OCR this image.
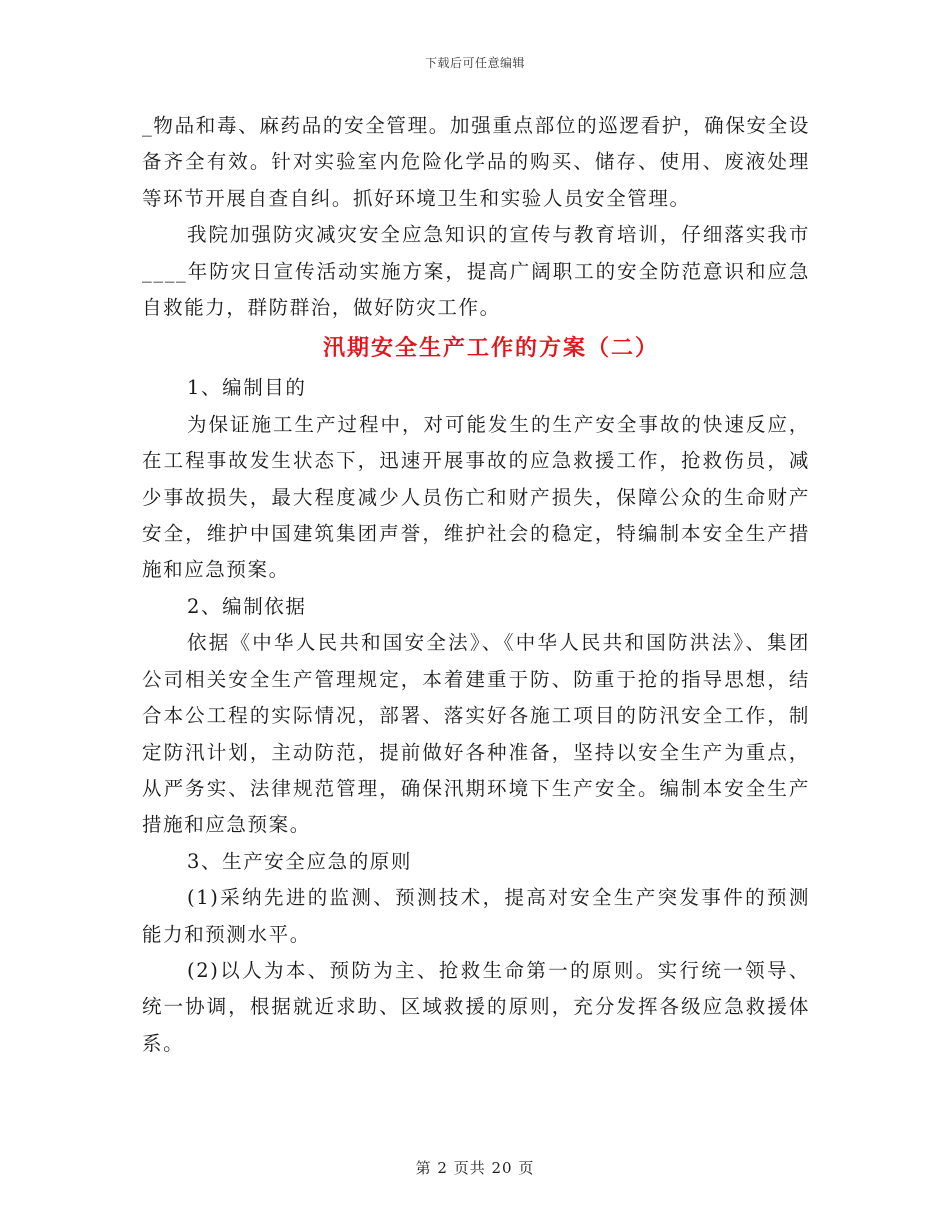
下载后可任意编辑

_物品和毒、麻药品的安全管理。加强重点部位的巡逻看护，确保安全设备齐全有效。针对实验室内危险化学品的购买、储存、使用、废液处理等环节开展自查自纠。抓好环境卫生和实验人员安全管理。

我院加强防灾减灾安全应急知识的宣传与教育培训，仔细落实我市____年防灾日宣传活动实施方案，提高广阔职工的安全防范意识和应急自救能力，群防群治，做好防灾工作。

汛期安全生产工作的方案（二）

1、编制目的

为保证施工生产过程中，对可能发生的生产安全事故的快速反应，在工程事故发生状态下，迅速开展事故的应急救援工作，抢救伤员，减少事故损失，最大程度减少人员伤亡和财产损失，保障公众的生命财产安全，维护中国建筑集团声誉，维护社会的稳定，特编制本安全生产措施和应急预案。

2、编制依据

依据《中华人民共和国安全法》、《中华人民共和国防洪法》、集团公司相关安全生产管理规定，本着建重于防、防重于抢的指导思想，结合本公工程的实际情况，部署、落实好各施工项目的防汛安全工作，制定防汛计划，主动防范，提前做好各种准备，坚持以安全生产为重点，从严务实、法律规范管理，确保汛期环境下生产安全。编制本安全生产措施和应急预案。

3、生产安全应急的原则

(1)采纳先进的监测、预测技术，提高对安全生产突发事件的预测能力和预测水平。

(2)以人为本、预防为主、抢救生命第一的原则。实行统一领导、统一协调，根据就近求助、区域救援的原则，充分发挥各级应急救援体系。

第 2 页共 20 页
